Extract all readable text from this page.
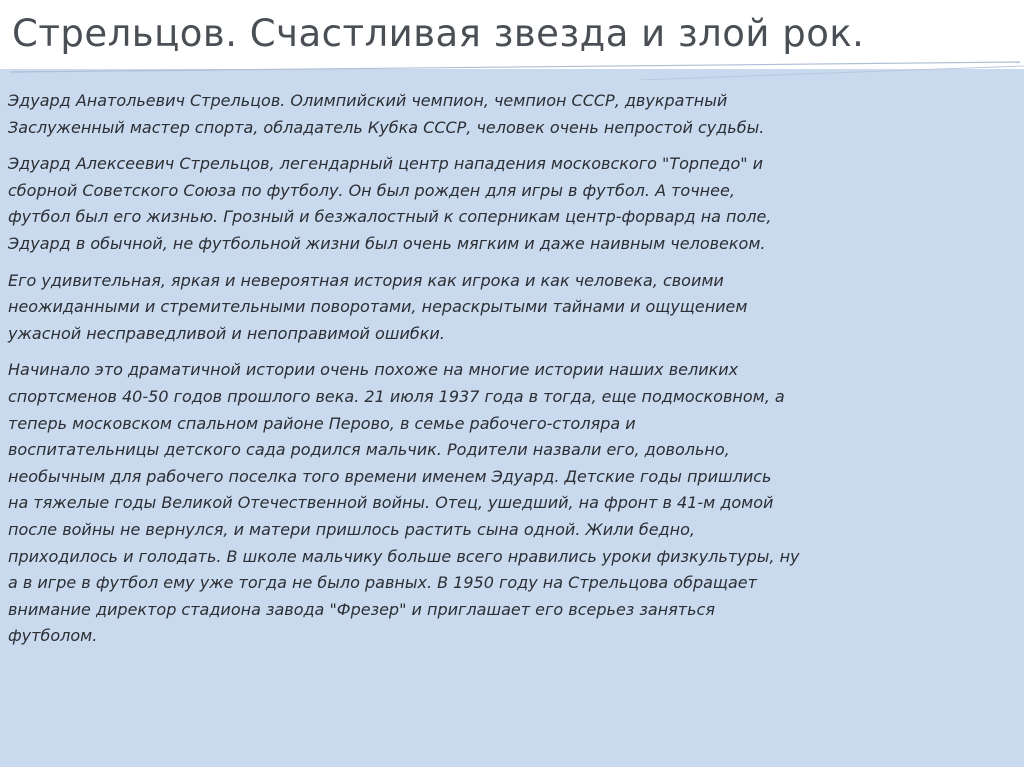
Стрельцов. Счастливая звезда и злой рок.

Эдуард Анатольевич Стрельцов. Олимпийский чемпион, чемпион СССР, двукратный
Заслуженный мастер спорта, обладатель Кубка СССР, человек очень непростой судьбы.

Эдуард Алексеевич Стрельцов, легендарный центр нападения московского "Торпедо" и
сборной Советского Союза по футболу. Он был рожден для игры в футбол. А точнее,
футбол был его жизнью. Грозный и безжалостный к соперникам центр-форвард на поле,
Эдуард в обычной, не футбольной жизни был очень мягким и даже наивным человеком.

Его удивительная, яркая и невероятная история как игрока и как человека, своими
неожиданными и стремительными поворотами, нераскрытыми тайнами и ощущением
ужасной несправедливой и непоправимой ошибки.

Начинало это драматичной истории очень похоже на многие истории наших великих
спортсменов 40-50 годов прошлого века. 21 июля 1937 года в тогда, еще подмосковном, а
теперь московском спальном районе Перово, в семье рабочего-столяра и
воспитательницы детского сада родился мальчик. Родители назвали его, довольно,
необычным для рабочего поселка того времени именем Эдуард. Детские годы пришлись
на тяжелые годы Великой Отечественной войны. Отец, ушедший, на фронт в 41-м домой
после войны не вернулся, и матери пришлось растить сына одной. Жили бедно,
приходилось и голодать. В школе мальчику больше всего нравились уроки физкультуры, ну
а в игре в футбол ему уже тогда не было равных. В 1950 году на Стрельцова обращает
внимание директор стадиона завода "Фрезер" и приглашает его всерьез заняться
футболом.
